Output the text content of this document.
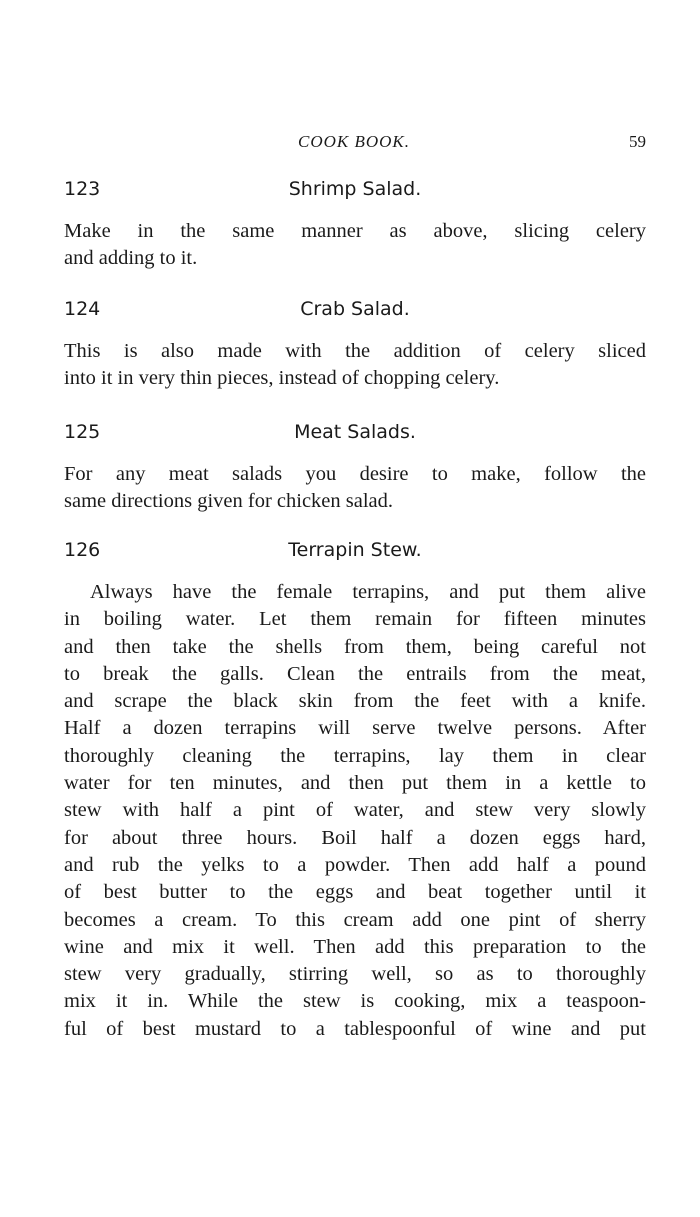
COOK BOOK.	59
123	Shrimp Salad.
Make in the same manner as above, slicing celery
and adding to it.
124	Crab Salad.
This is also made with the addition of celery sliced
into it in very thin pieces, instead of chopping celery.
125	Meat Salads.
For any meat salads you desire to make, follow the
same directions given for chicken salad.
126	Terrapin Stew.
Always have the female terrapins, and put them alive
in boiling water. Let them remain for fifteen minutes
and then take the shells from them, being careful not
to break the galls. Clean the entrails from the meat,
and scrape the black skin from the feet with a knife.
Half a dozen terrapins will serve twelve persons. After
thoroughly cleaning the terrapins, lay them in clear
water for ten minutes, and then put them in a kettle to
stew with half a pint of water, and stew very slowly
for about three hours. Boil half a dozen eggs hard,
and rub the yelks to a powder. Then add half a pound
of best butter to the eggs and beat together until it
becomes a cream. To this cream add one pint of sherry
wine and mix it well. Then add this preparation to the
stew very gradually, stirring well, so as to thoroughly
mix it in. While the stew is cooking, mix a teaspoon-
ful of best mustard to a tablespoonful of wine and put
